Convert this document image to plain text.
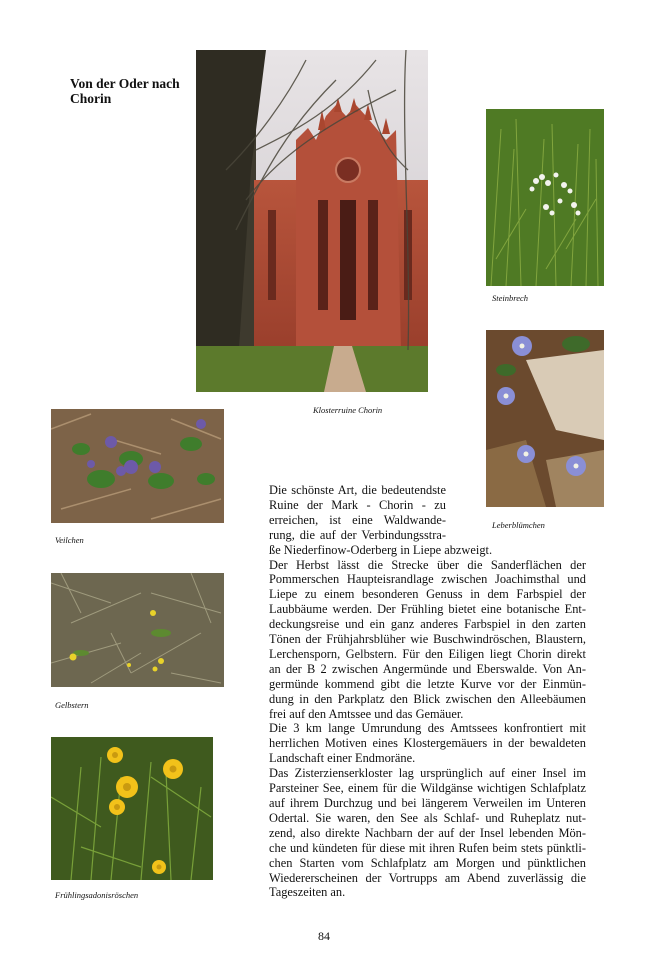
Von der Oder nach
Chorin
Klosterruine Chorin
Steinbrech
Leberblümchen
Veilchen
Gelbstern
Frühlingsadonisröschen
Die schönste Art, die bedeutendste
Ruine der Mark - Chorin - zu
erreichen, ist eine Waldwande-
rung, die auf der Verbindungsstra-
ße Niederfinow-Oderberg in Liepe abzweigt.
Der Herbst lässt die Strecke über die Sanderflächen der
Pommerschen Haupteisrandlage zwischen Joachimsthal und
Liepe zu einem besonderen Genuss in dem Farbspiel der
Laubbäume werden. Der Frühling bietet eine botanische Ent-
deckungsreise und ein ganz anderes Farbspiel in den zarten
Tönen der Frühjahrsblüher wie Buschwindröschen, Blaustern,
Lerchensporn, Gelbstern. Für den Eiligen liegt Chorin direkt
an der B 2 zwischen Angermünde und Eberswalde. Von An-
germünde kommend gibt die letzte Kurve vor der Einmün-
dung in den Parkplatz den Blick zwischen den Alleebäumen
frei auf den Amtssee und das Gemäuer.
Die 3 km lange Umrundung des Amtssees konfrontiert mit
herrlichen Motiven eines Klostergemäuers in der bewaldeten
Landschaft einer Endmoräne.
Das Zisterzienserkloster lag ursprünglich auf einer Insel im
Parsteiner See, einem für die Wildgänse wichtigen Schlafplatz
auf ihrem Durchzug und bei längerem Verweilen im Unteren
Odertal. Sie waren, den See als Schlaf- und Ruheplatz nut-
zend, also direkte Nachbarn der auf der Insel lebenden Mön-
che und kündeten für diese mit ihren Rufen beim stets pünktli-
chen Starten vom Schlafplatz am Morgen und pünktlichen
Wiedererscheinen der Vortrupps am Abend zuverlässig die
Tageszeiten an.
84
